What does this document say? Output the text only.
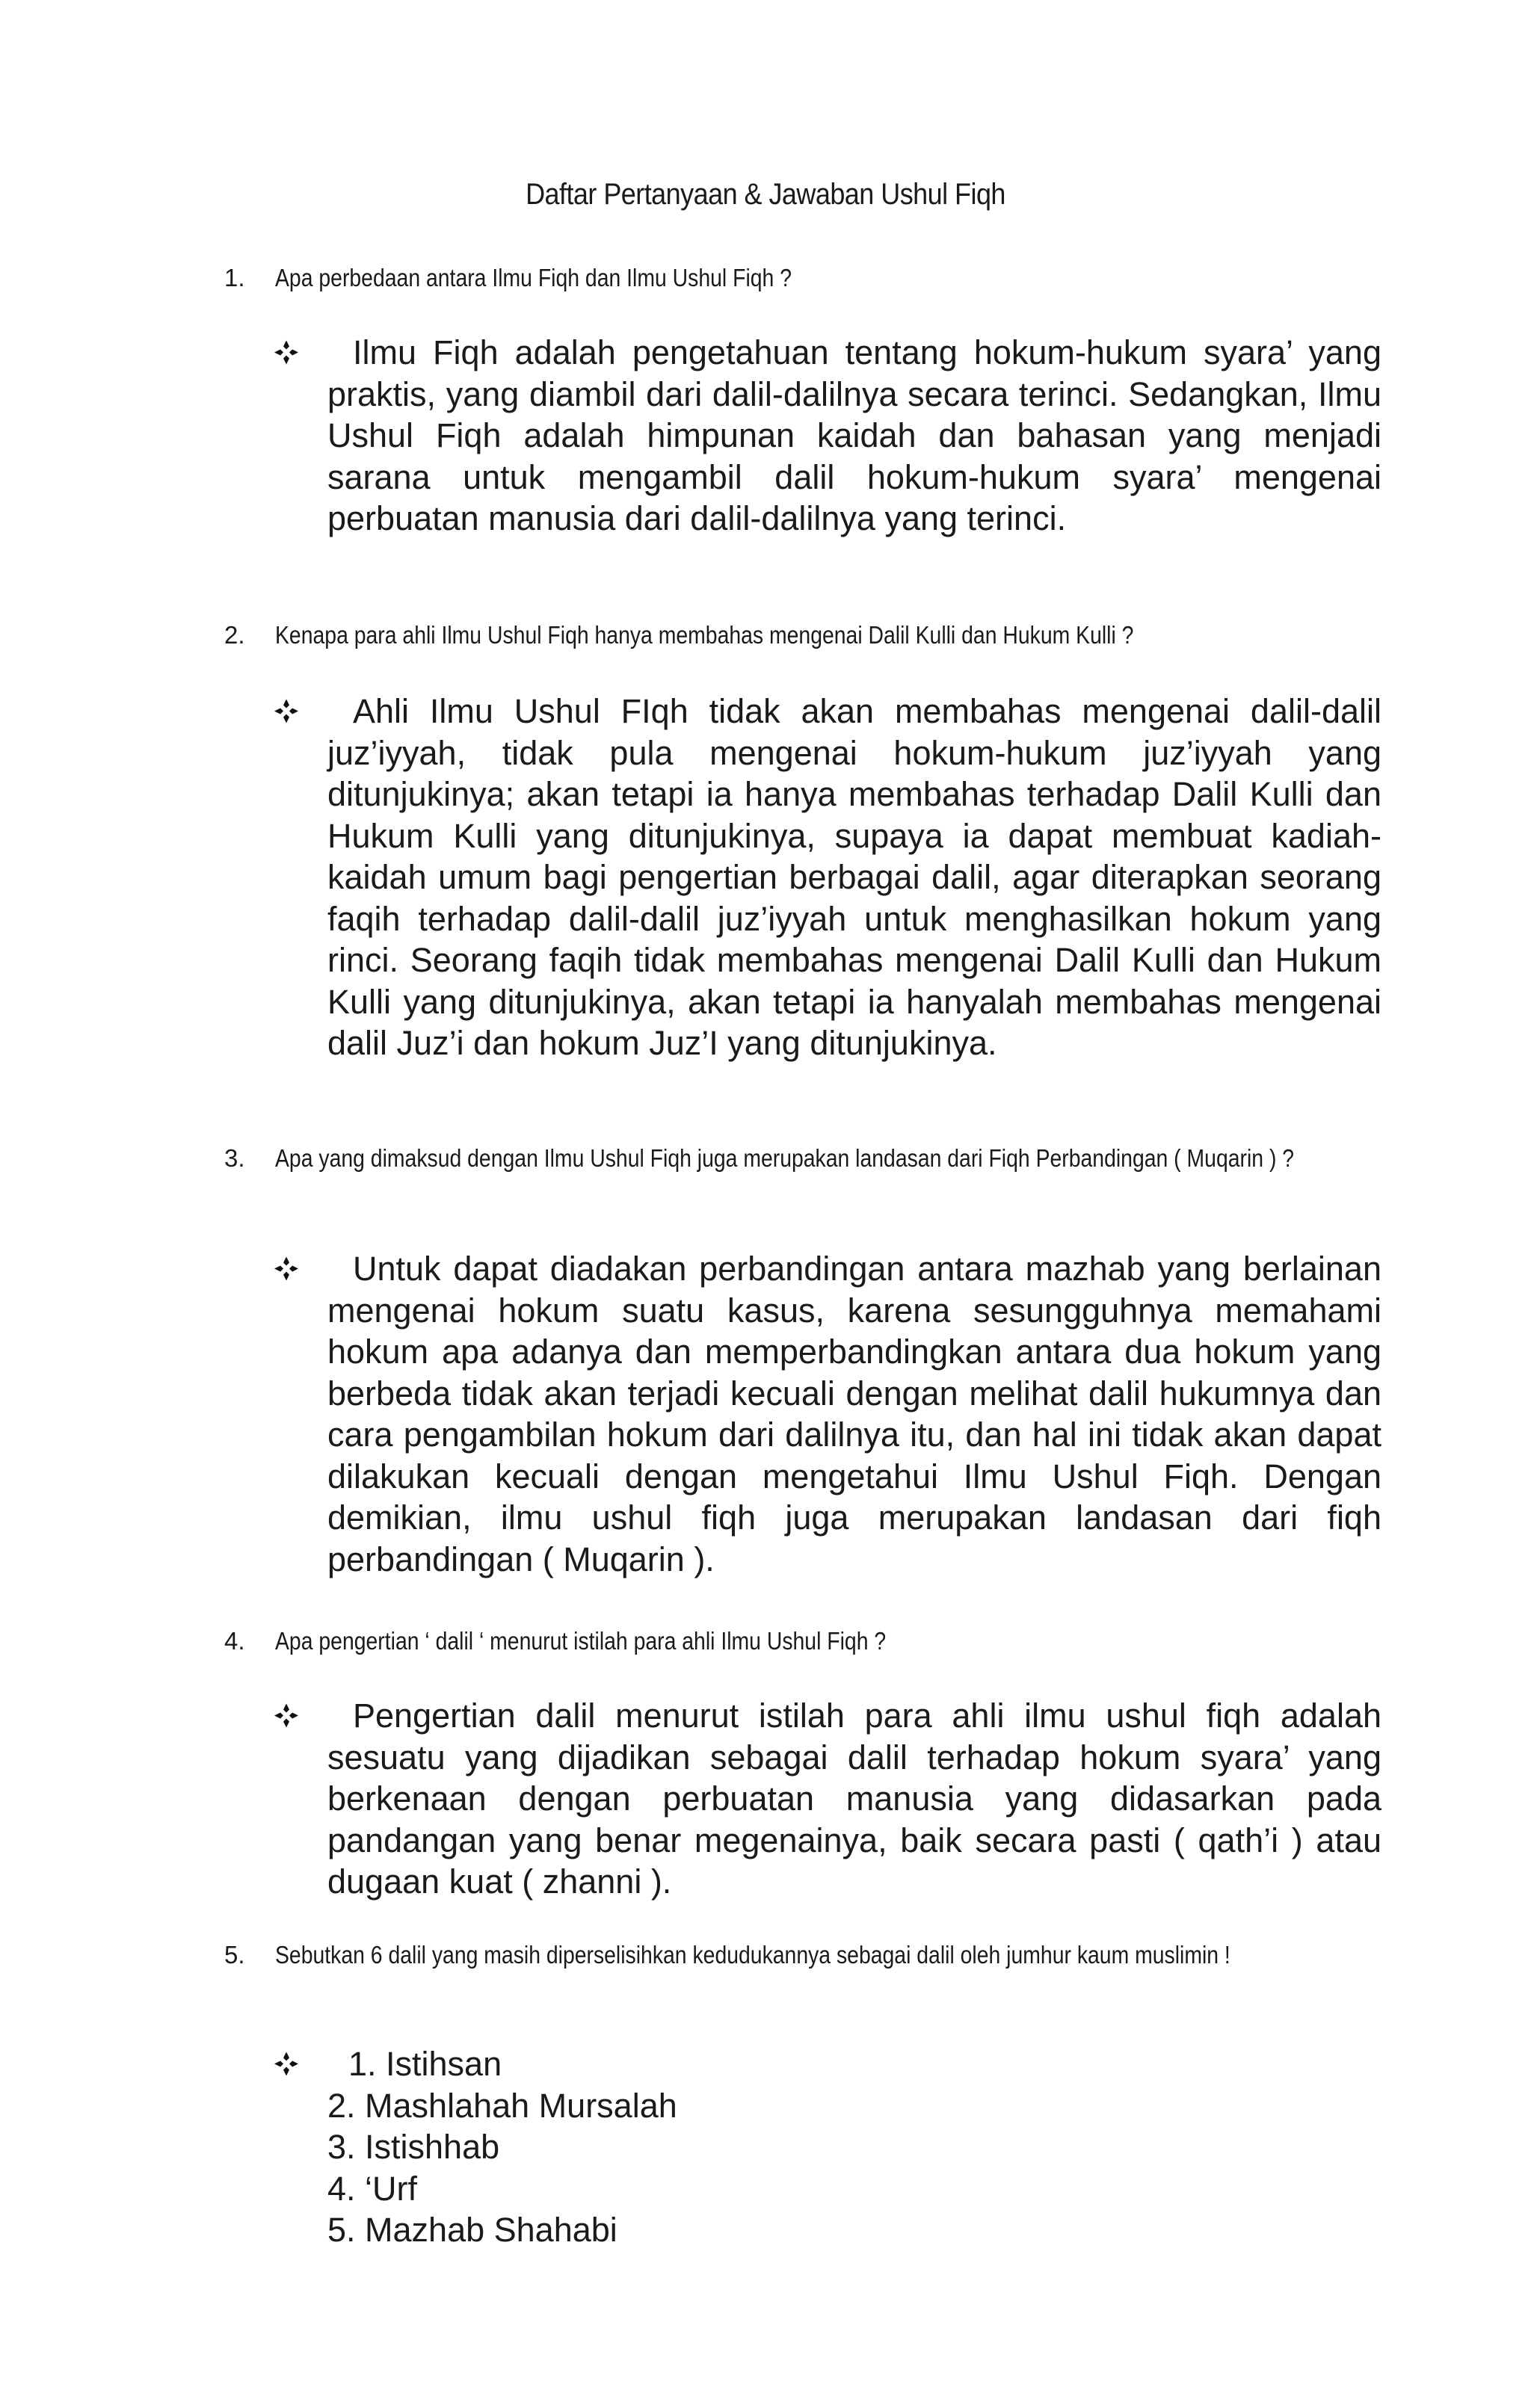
Daftar Pertanyaan & Jawaban Ushul Fiqh
1.	Apa perbedaan antara Ilmu Fiqh dan Ilmu Ushul Fiqh ?
Ilmu Fiqh adalah pengetahuan tentang hokum-hukum syara’ yang praktis, yang diambil dari dalil-dalilnya secara terinci. Sedangkan, Ilmu Ushul Fiqh adalah himpunan kaidah dan bahasan yang menjadi sarana untuk mengambil dalil hokum-hukum syara’ mengenai perbuatan manusia dari dalil-dalilnya yang terinci.
2.	Kenapa para ahli Ilmu Ushul Fiqh hanya membahas mengenai Dalil Kulli dan Hukum Kulli ?
Ahli Ilmu Ushul FIqh tidak akan membahas mengenai dalil-dalil juz’iyyah, tidak pula mengenai hokum-hukum juz’iyyah yang ditunjukinya; akan tetapi ia hanya membahas terhadap Dalil Kulli dan Hukum Kulli yang ditunjukinya, supaya ia dapat membuat kadiah-kaidah umum bagi pengertian berbagai dalil, agar diterapkan seorang faqih terhadap dalil-dalil juz’iyyah untuk menghasilkan hokum yang rinci. Seorang faqih tidak membahas mengenai Dalil Kulli dan Hukum Kulli yang ditunjukinya, akan tetapi ia hanyalah membahas mengenai dalil Juz’i dan hokum Juz’I yang ditunjukinya.
3.	Apa yang dimaksud dengan Ilmu Ushul Fiqh juga merupakan landasan dari Fiqh Perbandingan ( Muqarin ) ?
Untuk dapat diadakan perbandingan antara mazhab yang berlainan mengenai hokum suatu kasus, karena sesungguhnya memahami hokum apa adanya dan memperbandingkan antara dua hokum yang berbeda tidak akan terjadi kecuali dengan melihat dalil hukumnya dan cara pengambilan hokum dari dalilnya itu, dan hal ini tidak akan dapat dilakukan kecuali dengan mengetahui Ilmu Ushul Fiqh. Dengan demikian, ilmu ushul fiqh juga merupakan landasan dari fiqh perbandingan ( Muqarin ).
4.	Apa pengertian ‘ dalil ‘ menurut istilah para ahli Ilmu Ushul Fiqh ?
Pengertian dalil menurut istilah para ahli ilmu ushul fiqh adalah sesuatu yang dijadikan sebagai dalil terhadap hokum syara’ yang berkenaan dengan perbuatan manusia yang didasarkan pada pandangan yang benar megenainya, baik secara pasti ( qath’i ) atau dugaan kuat ( zhanni ).
5.	Sebutkan 6 dalil yang masih diperselisihkan kedudukannya sebagai dalil oleh jumhur kaum muslimin !
1. Istihsan
2. Mashlahah Mursalah
3. Istishhab
4. ‘Urf
5. Mazhab Shahabi
